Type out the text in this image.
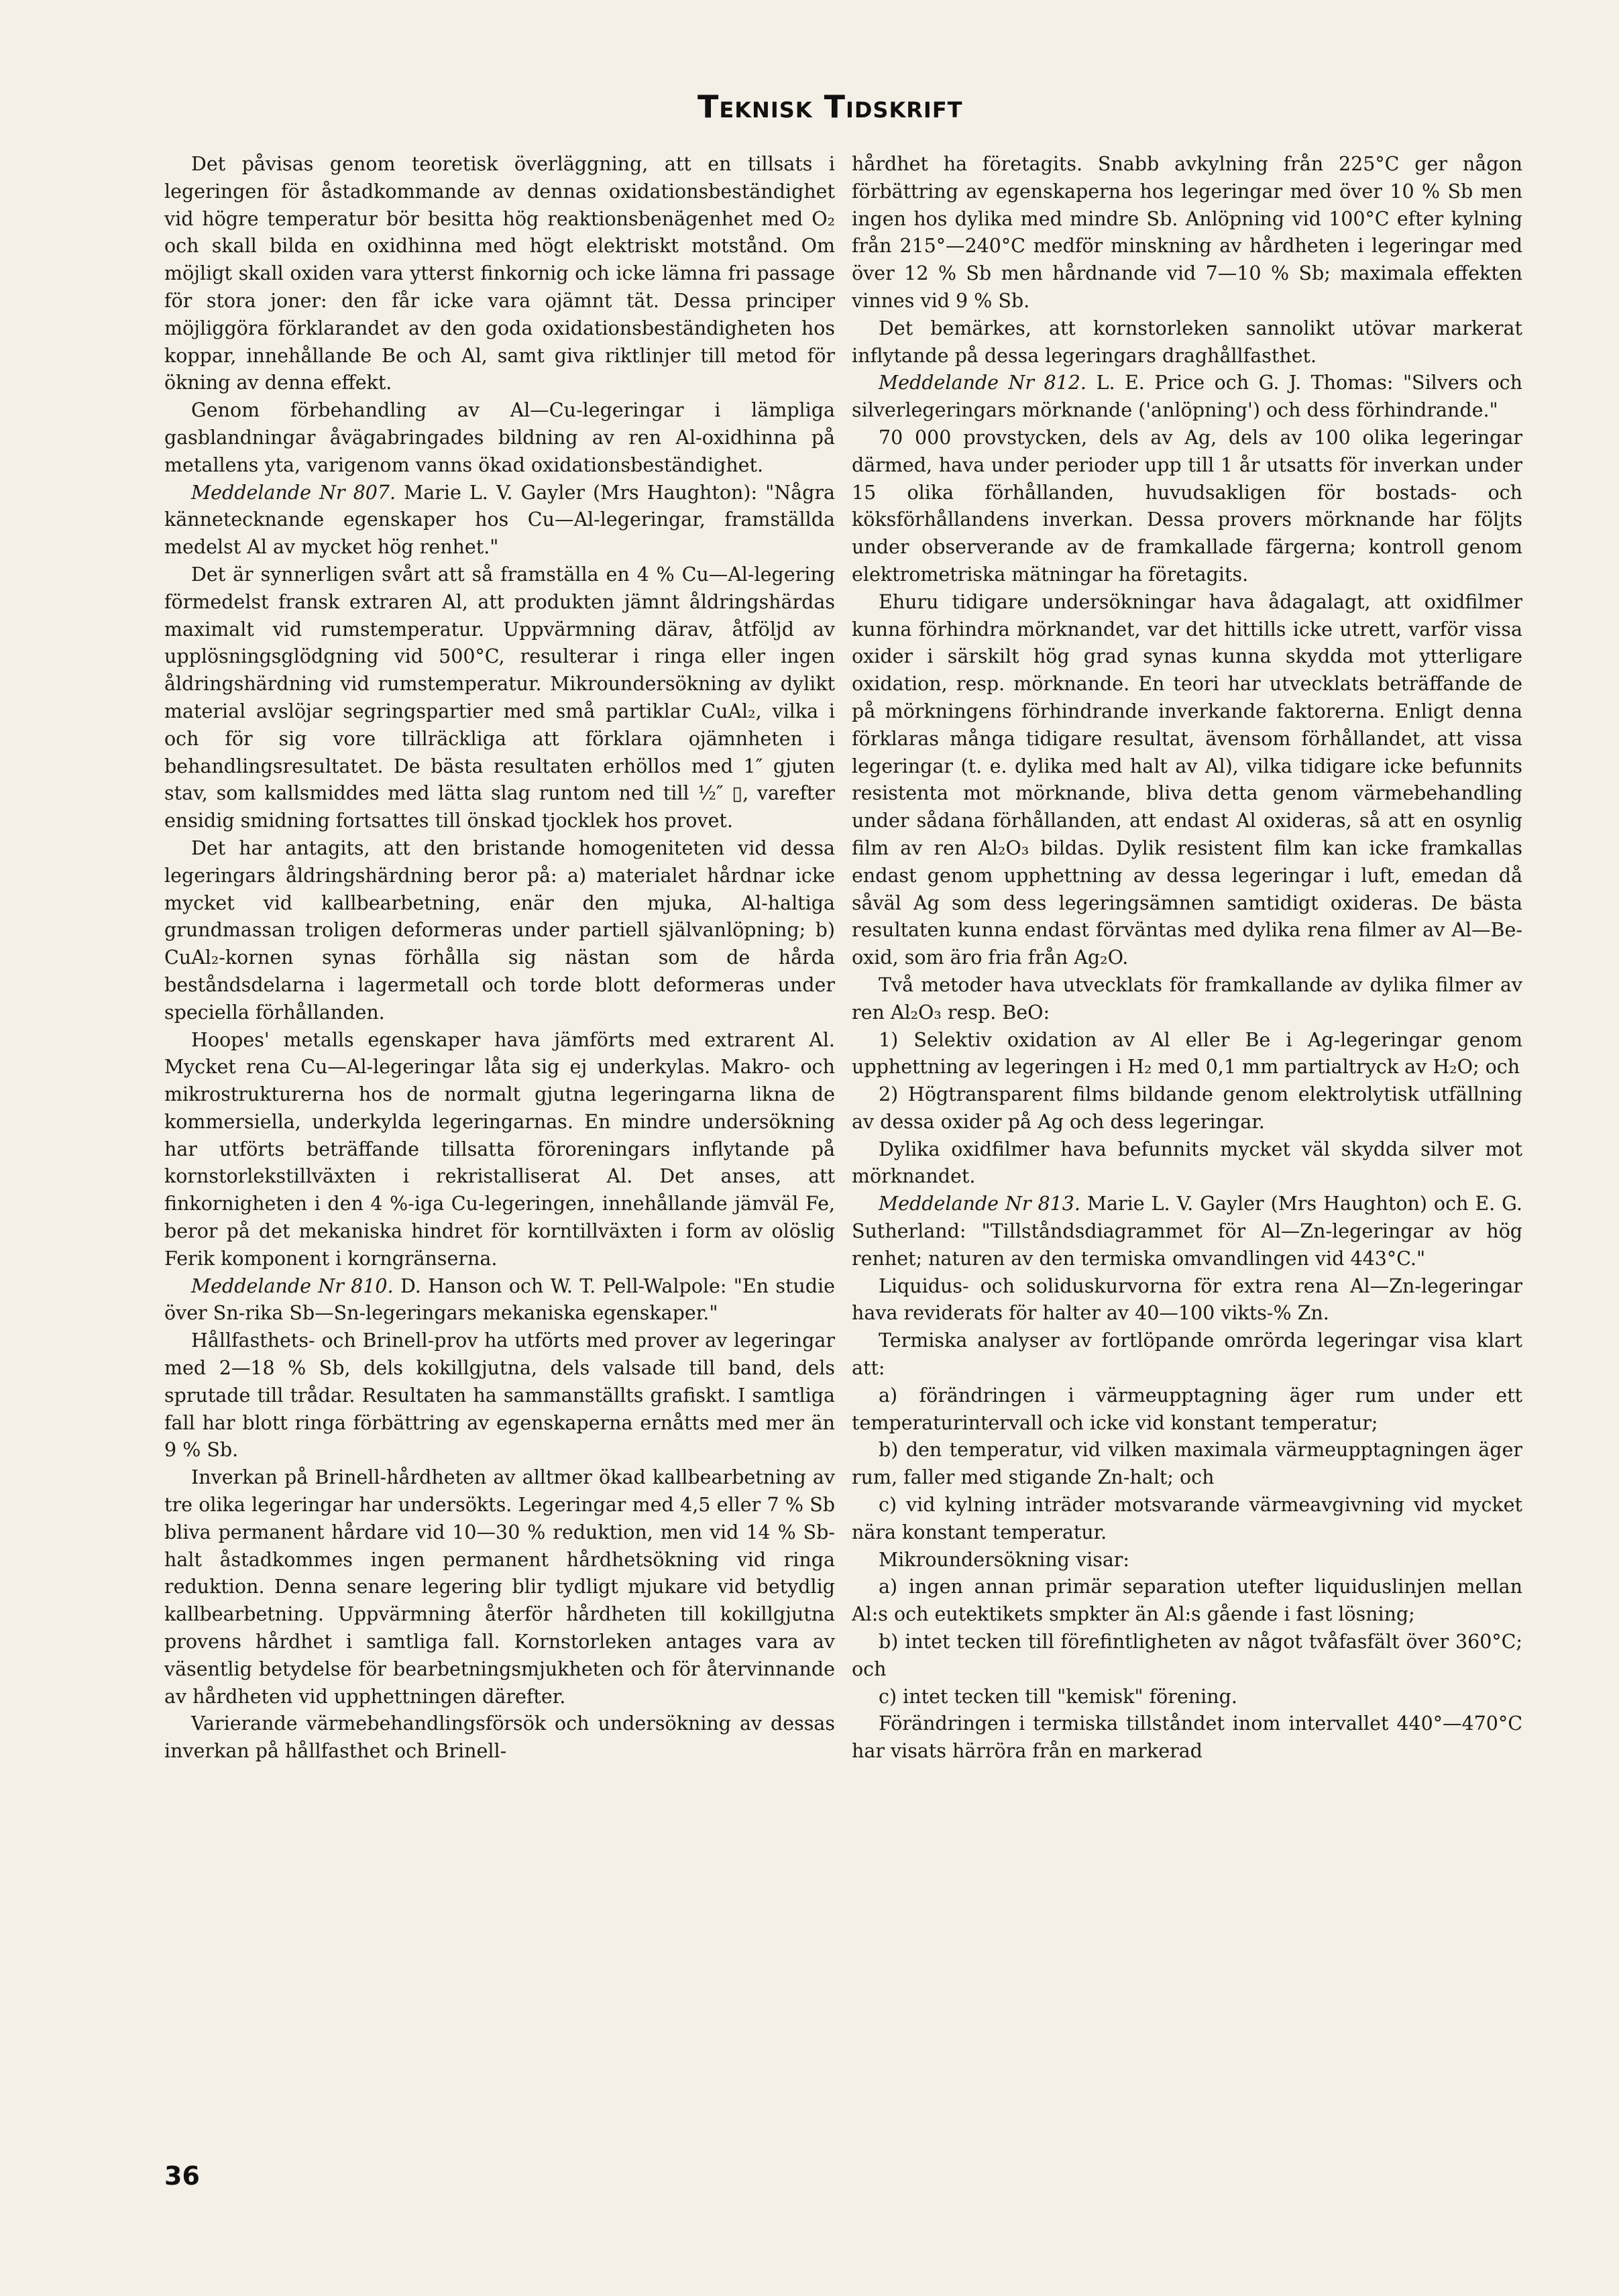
Teknisk Tidskrift

Det påvisas genom teoretisk överläggning, att en tillsats i legeringen för åstadkommande av dennas oxidationsbeständighet vid högre temperatur bör besitta hög reaktionsbenägenhet med O₂ och skall bilda en oxidhinna med högt elektriskt motstånd. Om möjligt skall oxiden vara ytterst finkornig och icke lämna fri passage för stora joner: den får icke vara ojämnt tät. Dessa principer möjliggöra förklarandet av den goda oxidationsbeständigheten hos koppar, innehållande Be och Al, samt giva riktlinjer till metod för ökning av denna effekt.

Genom förbehandling av Al—Cu-legeringar i lämpliga gasblandningar åvägabringades bildning av ren Al-oxidhinna på metallens yta, varigenom vanns ökad oxidationsbeständighet.

Meddelande Nr 807. Marie L. V. Gayler (Mrs Haughton): "Några kännetecknande egenskaper hos Cu—Al-legeringar, framställda medelst Al av mycket hög renhet."

Det är synnerligen svårt att så framställa en 4 % Cu—Al-legering förmedelst fransk extraren Al, att produkten jämnt åldringshärdas maximalt vid rumstemperatur. Uppvärmning därav, åtföljd av upplösningsglödgning vid 500°C, resulterar i ringa eller ingen åldringshärdning vid rumstemperatur. Mikroundersökning av dylikt material avslöjar segringspartier med små partiklar CuAl₂, vilka i och för sig vore tillräckliga att förklara ojämnheten i behandlingsresultatet. De bästa resultaten erhöllos med 1″ gjuten stav, som kallsmiddes med lätta slag runtom ned till ½″ ▯, varefter ensidig smidning fortsattes till önskad tjocklek hos provet.

Det har antagits, att den bristande homogeniteten vid dessa legeringars åldringshärdning beror på: a) materialet hårdnar icke mycket vid kallbearbetning, enär den mjuka, Al-haltiga grundmassan troligen deformeras under partiell självanlöpning; b) CuAl₂-kornen synas förhålla sig nästan som de hårda beståndsdelarna i lagermetall och torde blott deformeras under speciella förhållanden.

Hoopes' metalls egenskaper hava jämförts med extrarent Al. Mycket rena Cu—Al-legeringar låta sig ej underkylas. Makro- och mikrostrukturerna hos de normalt gjutna legeringarna likna de kommersiella, underkylda legeringarnas. En mindre undersökning har utförts beträffande tillsatta föroreningars inflytande på kornstorlekstillväxten i rekristalliserat Al. Det anses, att finkornigheten i den 4 %-iga Cu-legeringen, innehållande jämväl Fe, beror på det mekaniska hindret för korntillväxten i form av olöslig Ferik komponent i korngränserna.

Meddelande Nr 810. D. Hanson och W. T. Pell-Walpole: "En studie över Sn-rika Sb—Sn-legeringars mekaniska egenskaper."

Hållfasthets- och Brinell-prov ha utförts med prover av legeringar med 2—18 % Sb, dels kokillgjutna, dels valsade till band, dels sprutade till trådar. Resultaten ha sammanställts grafiskt. I samtliga fall har blott ringa förbättring av egenskaperna ernåtts med mer än 9 % Sb.

Inverkan på Brinell-hårdheten av alltmer ökad kallbearbetning av tre olika legeringar har undersökts. Legeringar med 4,5 eller 7 % Sb bliva permanent hårdare vid 10—30 % reduktion, men vid 14 % Sb-halt åstadkommes ingen permanent hårdhetsökning vid ringa reduktion. Denna senare legering blir tydligt mjukare vid betydlig kallbearbetning. Uppvärmning återför hårdheten till kokillgjutna provens hårdhet i samtliga fall. Kornstorleken antages vara av väsentlig betydelse för bearbetningsmjukheten och för återvinnande av hårdheten vid upphettningen därefter.

Varierande värmebehandlingsförsök och undersökning av dessas inverkan på hållfasthet och Brinell-

hårdhet ha företagits. Snabb avkylning från 225°C ger någon förbättring av egenskaperna hos legeringar med över 10 % Sb men ingen hos dylika med mindre Sb. Anlöpning vid 100°C efter kylning från 215°—240°C medför minskning av hårdheten i legeringar med över 12 % Sb men hårdnande vid 7—10 % Sb; maximala effekten vinnes vid 9 % Sb.

Det bemärkes, att kornstorleken sannolikt utövar markerat inflytande på dessa legeringars draghållfasthet.

Meddelande Nr 812. L. E. Price och G. J. Thomas: "Silvers och silverlegeringars mörknande ('anlöpning') och dess förhindrande."

70 000 provstycken, dels av Ag, dels av 100 olika legeringar därmed, hava under perioder upp till 1 år utsatts för inverkan under 15 olika förhållanden, huvudsakligen för bostads- och köksförhållandens inverkan. Dessa provers mörknande har följts under observerande av de framkallade färgerna; kontroll genom elektrometriska mätningar ha företagits.

Ehuru tidigare undersökningar hava ådagalagt, att oxidfilmer kunna förhindra mörknandet, var det hittills icke utrett, varför vissa oxider i särskilt hög grad synas kunna skydda mot ytterligare oxidation, resp. mörknande. En teori har utvecklats beträffande de på mörkningens förhindrande inverkande faktorerna. Enligt denna förklaras många tidigare resultat, ävensom förhållandet, att vissa legeringar (t. e. dylika med halt av Al), vilka tidigare icke befunnits resistenta mot mörknande, bliva detta genom värmebehandling under sådana förhållanden, att endast Al oxideras, så att en osynlig film av ren Al₂O₃ bildas. Dylik resistent film kan icke framkallas endast genom upphettning av dessa legeringar i luft, emedan då såväl Ag som dess legeringsämnen samtidigt oxideras. De bästa resultaten kunna endast förväntas med dylika rena filmer av Al—Be-oxid, som äro fria från Ag₂O.

Två metoder hava utvecklats för framkallande av dylika filmer av ren Al₂O₃ resp. BeO:

1) Selektiv oxidation av Al eller Be i Ag-legeringar genom upphettning av legeringen i H₂ med 0,1 mm partialtryck av H₂O; och

2) Högtransparent films bildande genom elektrolytisk utfällning av dessa oxider på Ag och dess legeringar.

Dylika oxidfilmer hava befunnits mycket väl skydda silver mot mörknandet.

Meddelande Nr 813. Marie L. V. Gayler (Mrs Haughton) och E. G. Sutherland: "Tillståndsdiagrammet för Al—Zn-legeringar av hög renhet; naturen av den termiska omvandlingen vid 443°C."

Liquidus- och soliduskurvorna för extra rena Al—Zn-legeringar hava reviderats för halter av 40—100 vikts-% Zn.

Termiska analyser av fortlöpande omrörda legeringar visa klart att:

a) förändringen i värmeupptagning äger rum under ett temperaturintervall och icke vid konstant temperatur;

b) den temperatur, vid vilken maximala värmeupptagningen äger rum, faller med stigande Zn-halt; och

c) vid kylning inträder motsvarande värmeavgivning vid mycket nära konstant temperatur.

Mikroundersökning visar:

a) ingen annan primär separation utefter liquiduslinjen mellan Al:s och eutektikets smpkter än Al:s gående i fast lösning;

b) intet tecken till förefintligheten av något tvåfasfält över 360°C; och

c) intet tecken till "kemisk" förening.

Förändringen i termiska tillståndet inom intervallet 440°—470°C har visats härröra från en markerad

36
